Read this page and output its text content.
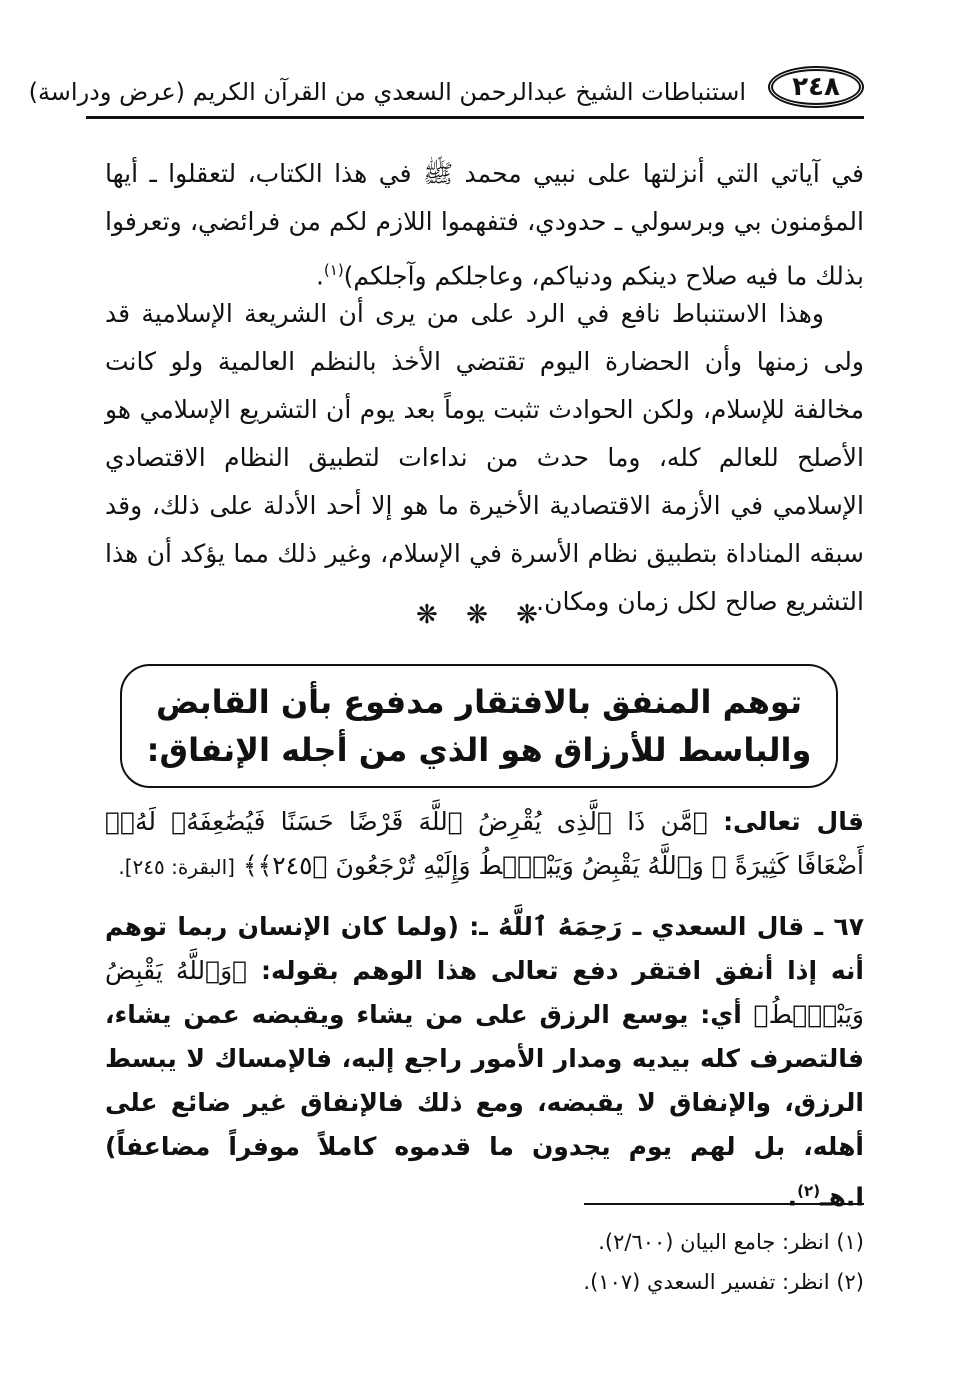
٢٤٨
استنباطات الشيخ عبدالرحمن السعدي من القرآن الكريم (عرض ودراسة)
في آياتي التي أنزلتها على نبيي محمد ﷺ في هذا الكتاب، لتعقلوا ـ أيها المؤمنون بي وبرسولي ـ حدودي، فتفهموا اللازم لكم من فرائضي، وتعرفوا بذلك ما فيه صلاح دينكم ودنياكم، وعاجلكم وآجلكم)$^{(١)}$.
وهذا الاستنباط نافع في الرد على من يرى أن الشريعة الإسلامية قد ولى زمنها وأن الحضارة اليوم تقتضي الأخذ بالنظم العالمية ولو كانت مخالفة للإسلام، ولكن الحوادث تثبت يوماً بعد يوم أن التشريع الإسلامي هو الأصلح للعالم كله، وما حدث من نداءات لتطبيق النظام الاقتصادي الإسلامي في الأزمة الاقتصادية الأخيرة ما هو إلا أحد الأدلة على ذلك، وقد سبقه المناداة بتطبيق نظام الأسرة في الإسلام، وغير ذلك مما يؤكد أن هذا التشريع صالح لكل زمان ومكان.
❋ ❋ ❋
توهم المنفق بالافتقار مدفوع بأن القابض والباسط للأرزاق هو الذي من أجله الإنفاق:
قال تعالى: ﴿مَّن ذَا ٱلَّذِى يُقْرِضُ ٱللَّهَ قَرْضًا حَسَنًا فَيُضَٰعِفَهُۥ لَهُۥٓ أَضْعَافًا كَثِيرَةً ۚ وَٱللَّهُ يَقْبِضُ وَيَبْصُۜطُ وَإِلَيْهِ تُرْجَعُونَ ﴿٢٤٥﴾﴾ [البقرة: ٢٤٥].
٦٧ ـ قال السعدي ـ رَحِمَهُ ٱللَّهُ ـ: (ولما كان الإنسان ربما توهم أنه إذا أنفق افتقر دفع تعالى هذا الوهم بقوله: ﴿وَٱللَّهُ يَقْبِضُ وَيَبْصُۜطُ﴾ أي: يوسع الرزق على من يشاء ويقبضه عمن يشاء، فالتصرف كله بيديه ومدار الأمور راجع إليه، فالإمساك لا يبسط الرزق، والإنفاق لا يقبضه، ومع ذلك فالإنفاق غير ضائع على أهله، بل لهم يوم يجدون ما قدموه كاملاً موفراً مضاعفاً) ا.هـ$^{(٢)}$.
(١) انظر: جامع البيان (٢/٦٠٠).
(٢) انظر: تفسير السعدي (١٠٧).
